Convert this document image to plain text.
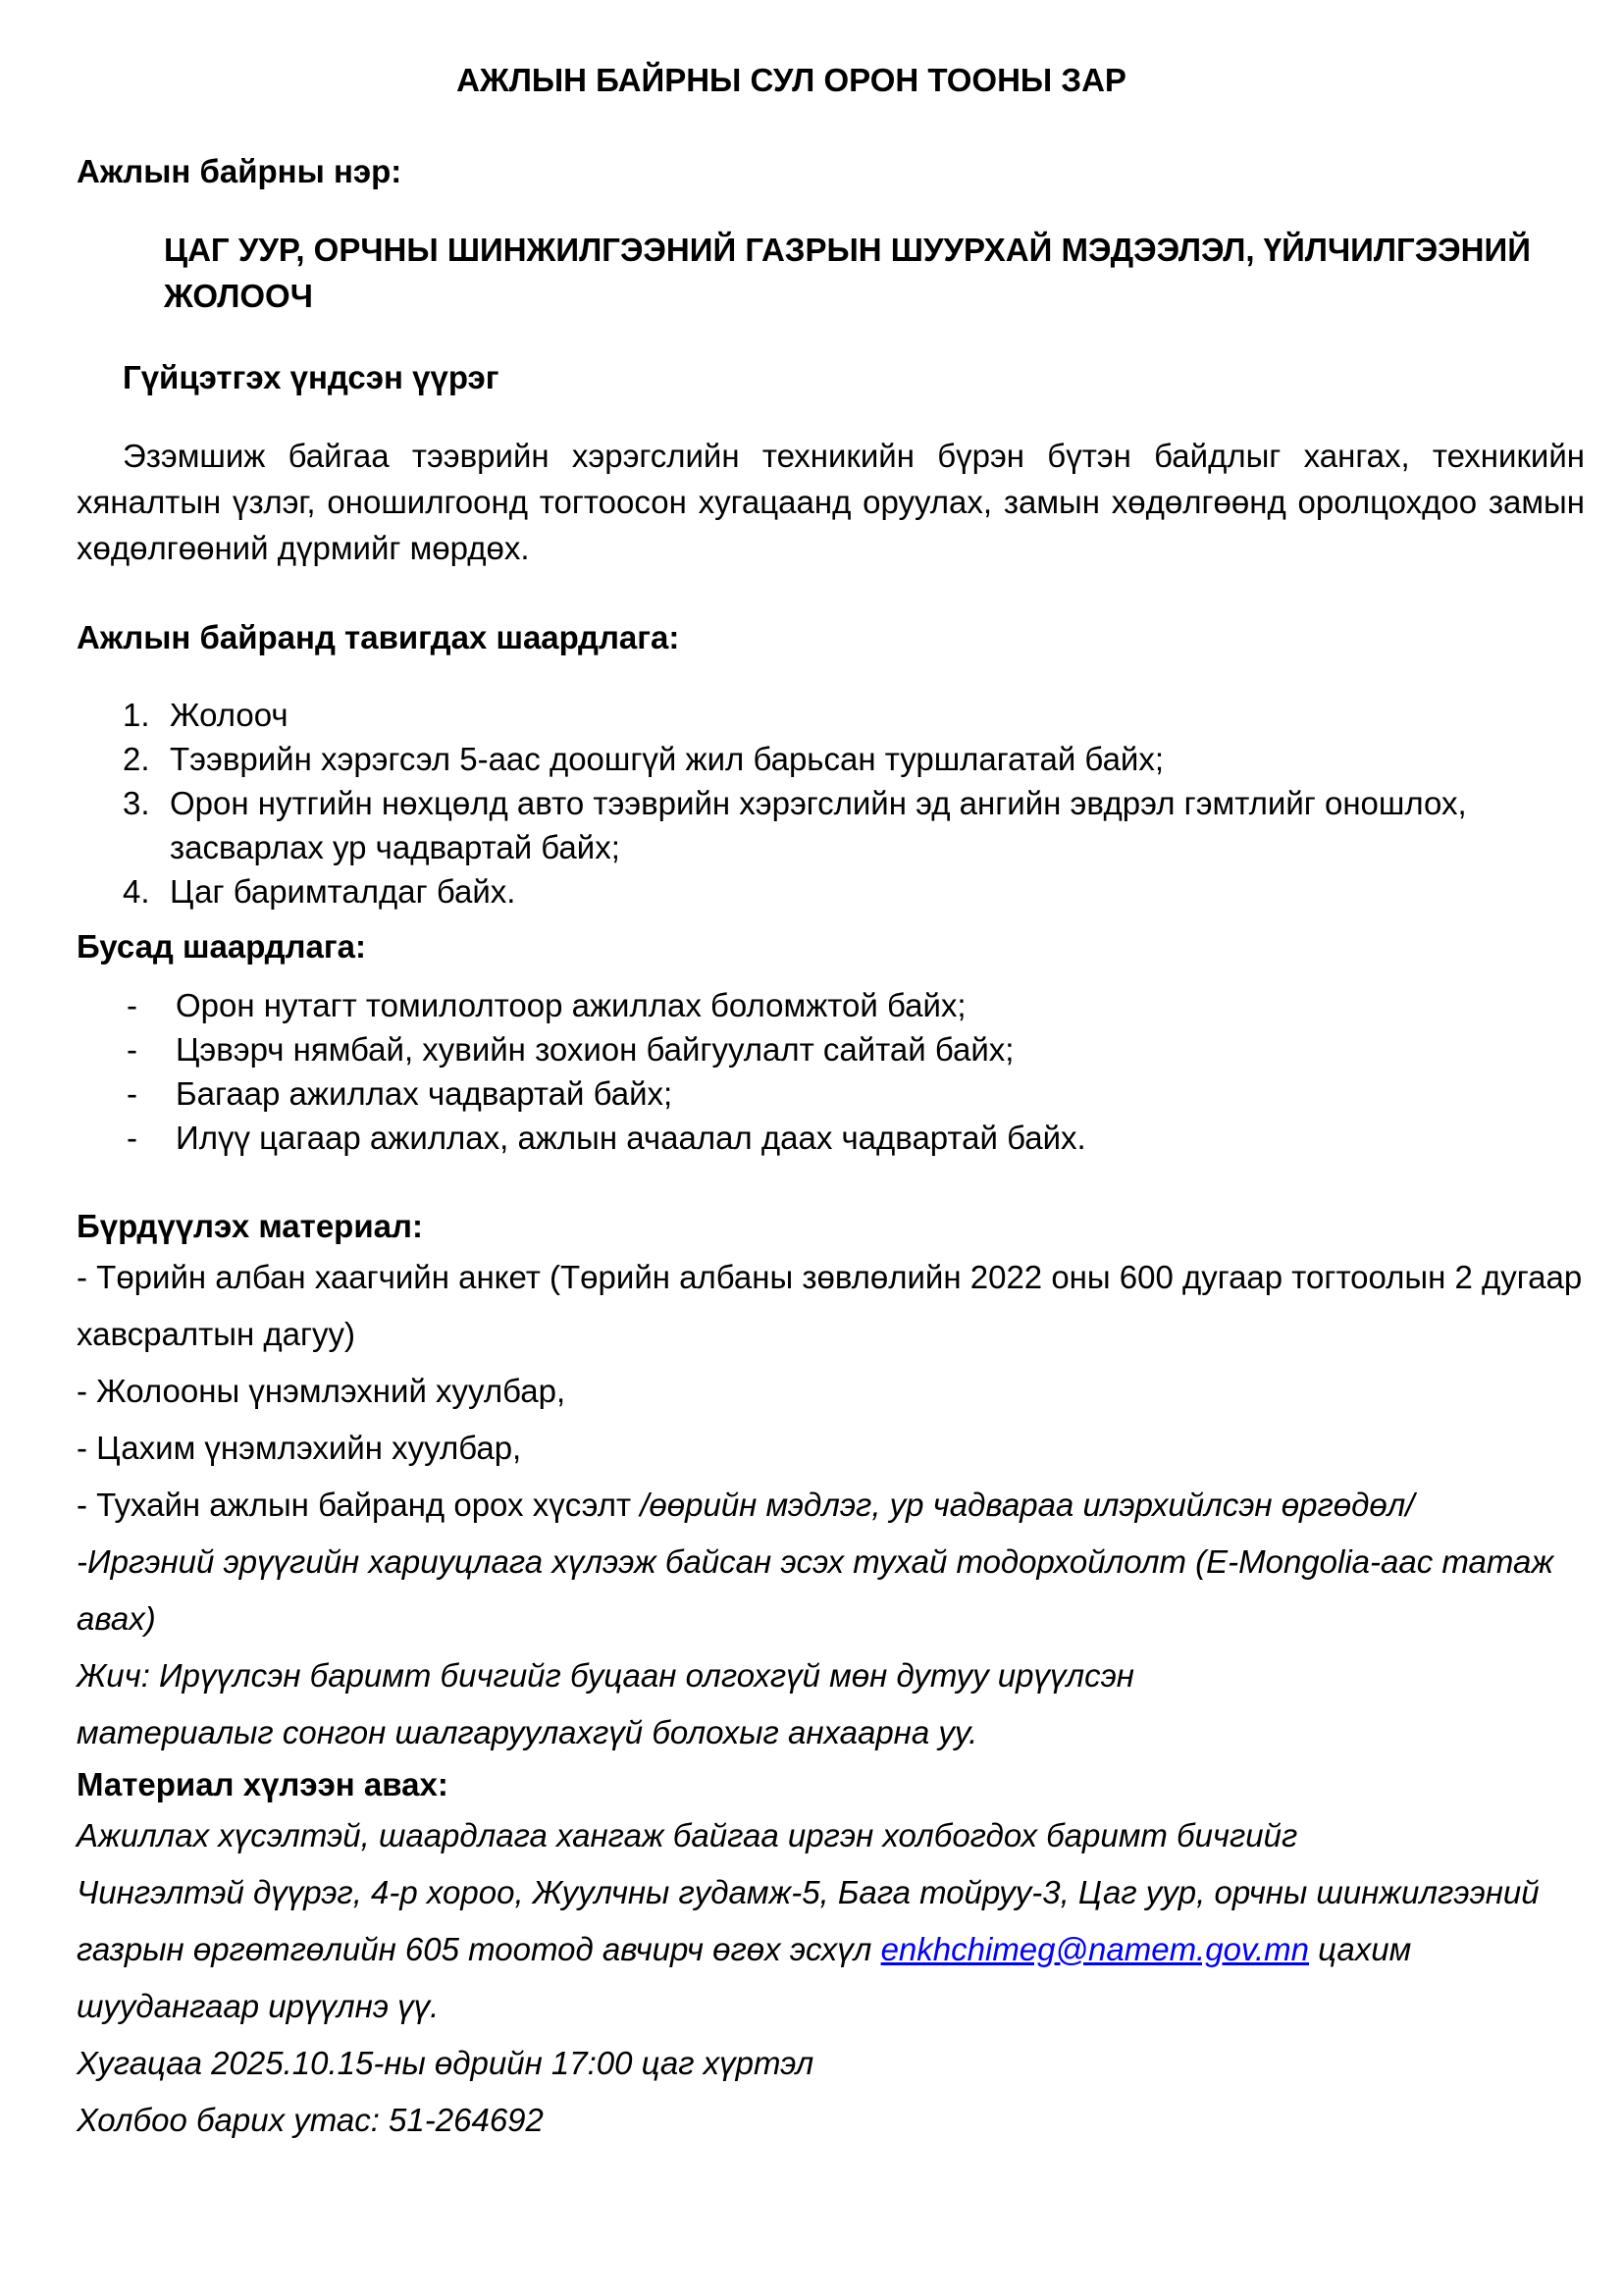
АЖЛЫН БАЙРНЫ СУЛ ОРОН ТООНЫ ЗАР

Ажлын байрны нэр:

ЦАГ УУР, ОРЧНЫ ШИНЖИЛГЭЭНИЙ ГАЗРЫН ШУУРХАЙ МЭДЭЭЛЭЛ, ҮЙЛЧИЛГЭЭНИЙ ЖОЛООЧ

Гүйцэтгэх үндсэн үүрэг

Эзэмшиж байгаа тээврийн хэрэгслийн техникийн бүрэн бүтэн байдлыг хангах, техникийн хяналтын үзлэг, оношилгоонд тогтоосон хугацаанд оруулах, замын хөдөлгөөнд оролцохдоо замын хөдөлгөөний дүрмийг мөрдөх.

Ажлын байранд тавигдах шаардлага:

1. Жолооч
2. Тээврийн хэрэгсэл 5-аас доошгүй жил барьсан туршлагатай байх;
3. Орон нутгийн нөхцөлд авто тээврийн хэрэгслийн эд ангийн эвдрэл гэмтлийг оношлох, засварлах ур чадвартай байх;
4. Цаг баримталдаг байх.

Бусад шаардлага:

-	Орон нутагт томилолтоор ажиллах боломжтой байх;
-	Цэвэрч нямбай, хувийн зохион байгуулалт сайтай байх;
-	Багаар ажиллах чадвартай байх;
-	Илүү цагаар ажиллах, ажлын ачаалал даах чадвартай байх.

Бүрдүүлэх материал:

- Төрийн албан хаагчийн анкет (Төрийн албаны зөвлөлийн 2022 оны 600 дугаар тогтоолын 2 дугаар хавсралтын дагуу)

- Жолооны үнэмлэхний хуулбар,

- Цахим үнэмлэхийн хуулбар,

- Тухайн ажлын байранд орох хүсэлт /өөрийн мэдлэг, ур чадвараа илэрхийлсэн өргөдөл/

-Иргэний эрүүгийн хариуцлага хүлээж байсан эсэх тухай тодорхойлолт (E-Mongolia-аас татаж авах)

Жич: Ирүүлсэн баримт бичгийг буцаан олгохгүй мөн дутуу ирүүлсэн

материалыг сонгон шалгаруулахгүй болохыг анхаарна уу.

Материал хүлээн авах:

Ажиллах хүсэлтэй, шаардлага хангаж байгаа иргэн холбогдох баримт бичгийг

Чингэлтэй дүүрэг, 4-р хороо, Жуулчны гудамж-5, Бага тойруу-3, Цаг уур, орчны шинжилгээний газрын өргөтгөлийн 605 тоотод авчирч өгөх эсхүл enkhchimeg@namem.gov.mn цахим шуудангаар ирүүлнэ үү.

Хугацаа 2025.10.15-ны өдрийн 17:00 цаг хүртэл

Холбоо барих утас: 51-264692
